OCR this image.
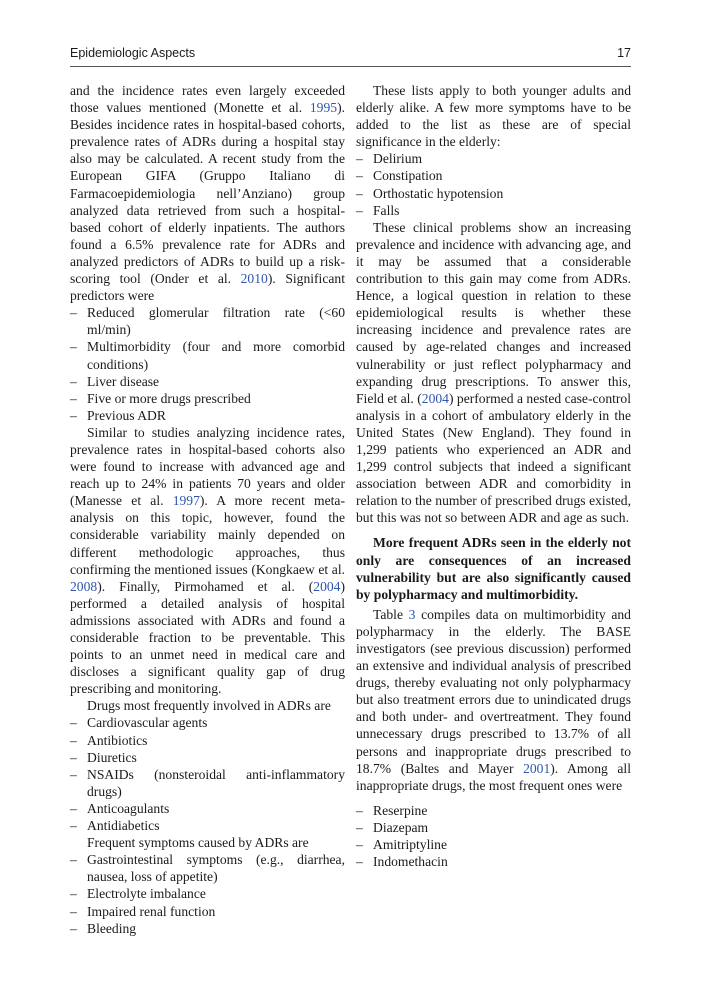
Epidemiologic Aspects	17

and the incidence rates even largely exceeded those values mentioned (Monette et al. 1995). Besides incidence rates in hospital-based cohorts, prevalence rates of ADRs during a hospital stay also may be calculated. A recent study from the European GIFA (Gruppo Italiano di Farmacoepidemiologia nell’Anziano) group analyzed data retrieved from such a hospital-based cohort of elderly inpatients. The authors found a 6.5% prevalence rate for ADRs and analyzed predictors of ADRs to build up a risk-scoring tool (Onder et al. 2010). Significant predictors were

– Reduced glomerular filtration rate (<60 ml/min)
– Multimorbidity (four and more comorbid conditions)
– Liver disease
– Five or more drugs prescribed
– Previous ADR

Similar to studies analyzing incidence rates, prevalence rates in hospital-based cohorts also were found to increase with advanced age and reach up to 24% in patients 70 years and older (Manesse et al. 1997). A more recent meta-analysis on this topic, however, found the considerable variability mainly depended on different methodologic approaches, thus confirming the mentioned issues (Kongkaew et al. 2008). Finally, Pirmohamed et al. (2004) performed a detailed analysis of hospital admissions associated with ADRs and found a considerable fraction to be preventable. This points to an unmet need in medical care and discloses a significant quality gap of drug prescribing and monitoring.

Drugs most frequently involved in ADRs are

– Cardiovascular agents
– Antibiotics
– Diuretics
– NSAIDs (nonsteroidal anti-inflammatory drugs)
– Anticoagulants
– Antidiabetics

Frequent symptoms caused by ADRs are

– Gastrointestinal symptoms (e.g., diarrhea, nausea, loss of appetite)
– Electrolyte imbalance
– Impaired renal function
– Bleeding

These lists apply to both younger adults and elderly alike. A few more symptoms have to be added to the list as these are of special significance in the elderly:

– Delirium
– Constipation
– Orthostatic hypotension
– Falls

These clinical problems show an increasing prevalence and incidence with advancing age, and it may be assumed that a considerable contribution to this gain may come from ADRs. Hence, a logical question in relation to these epidemiological results is whether these increasing incidence and prevalence rates are caused by age-related changes and increased vulnerability or just reflect polypharmacy and expanding drug prescriptions. To answer this, Field et al. (2004) performed a nested case-control analysis in a cohort of ambulatory elderly in the United States (New England). They found in 1,299 patients who experienced an ADR and 1,299 control subjects that indeed a significant association between ADR and comorbidity in relation to the number of prescribed drugs existed, but this was not so between ADR and age as such.

More frequent ADRs seen in the elderly not only are consequences of an increased vulnerability but are also significantly caused by polypharmacy and multimorbidity.

Table 3 compiles data on multimorbidity and polypharmacy in the elderly. The BASE investigators (see previous discussion) performed an extensive and individual analysis of prescribed drugs, thereby evaluating not only polypharmacy but also treatment errors due to unindicated drugs and both under- and overtreatment. They found unnecessary drugs prescribed to 13.7% of all persons and inappropriate drugs prescribed to 18.7% (Baltes and Mayer 2001). Among all inappropriate drugs, the most frequent ones were

– Reserpine
– Diazepam
– Amitriptyline
– Indomethacin
